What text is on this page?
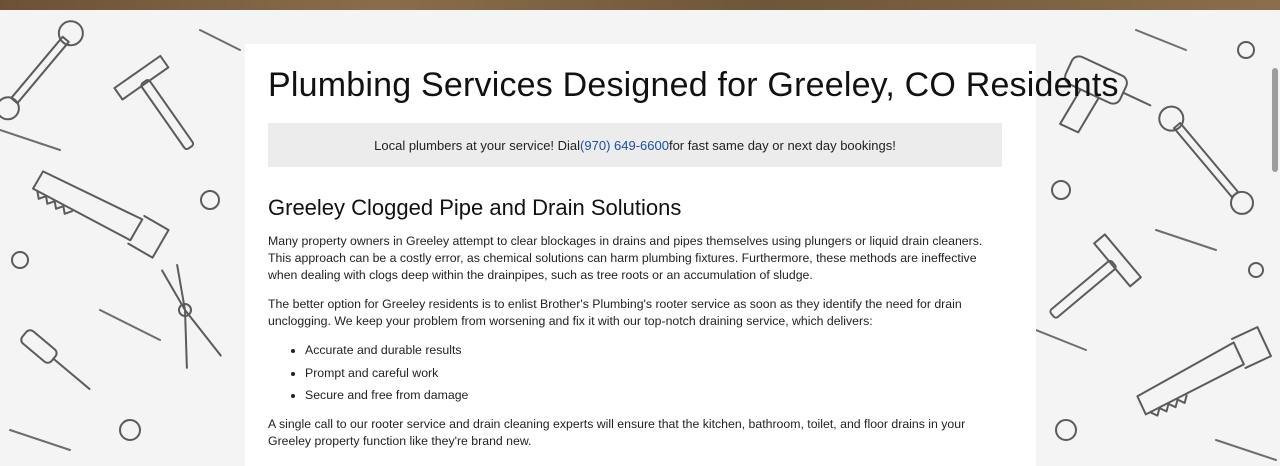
Plumbing Services Designed for Greeley, CO Residents
Local plumbers at your service! Dial (970) 649-6600 for fast same day or next day bookings!
Greeley Clogged Pipe and Drain Solutions

Many property owners in Greeley attempt to clear blockages in drains and pipes themselves using plungers or liquid drain cleaners. This approach can be a costly error, as chemical solutions can harm plumbing fixtures. Furthermore, these methods are ineffective when dealing with clogs deep within the drainpipes, such as tree roots or an accumulation of sludge.

The better option for Greeley residents is to enlist Brother's Plumbing's rooter service as soon as they identify the need for drain unclogging. We keep your problem from worsening and fix it with our top-notch draining service, which delivers:

• Accurate and durable results
• Prompt and careful work
• Secure and free from damage

A single call to our rooter service and drain cleaning experts will ensure that the kitchen, bathroom, toilet, and floor drains in your Greeley property function like they're brand new.
